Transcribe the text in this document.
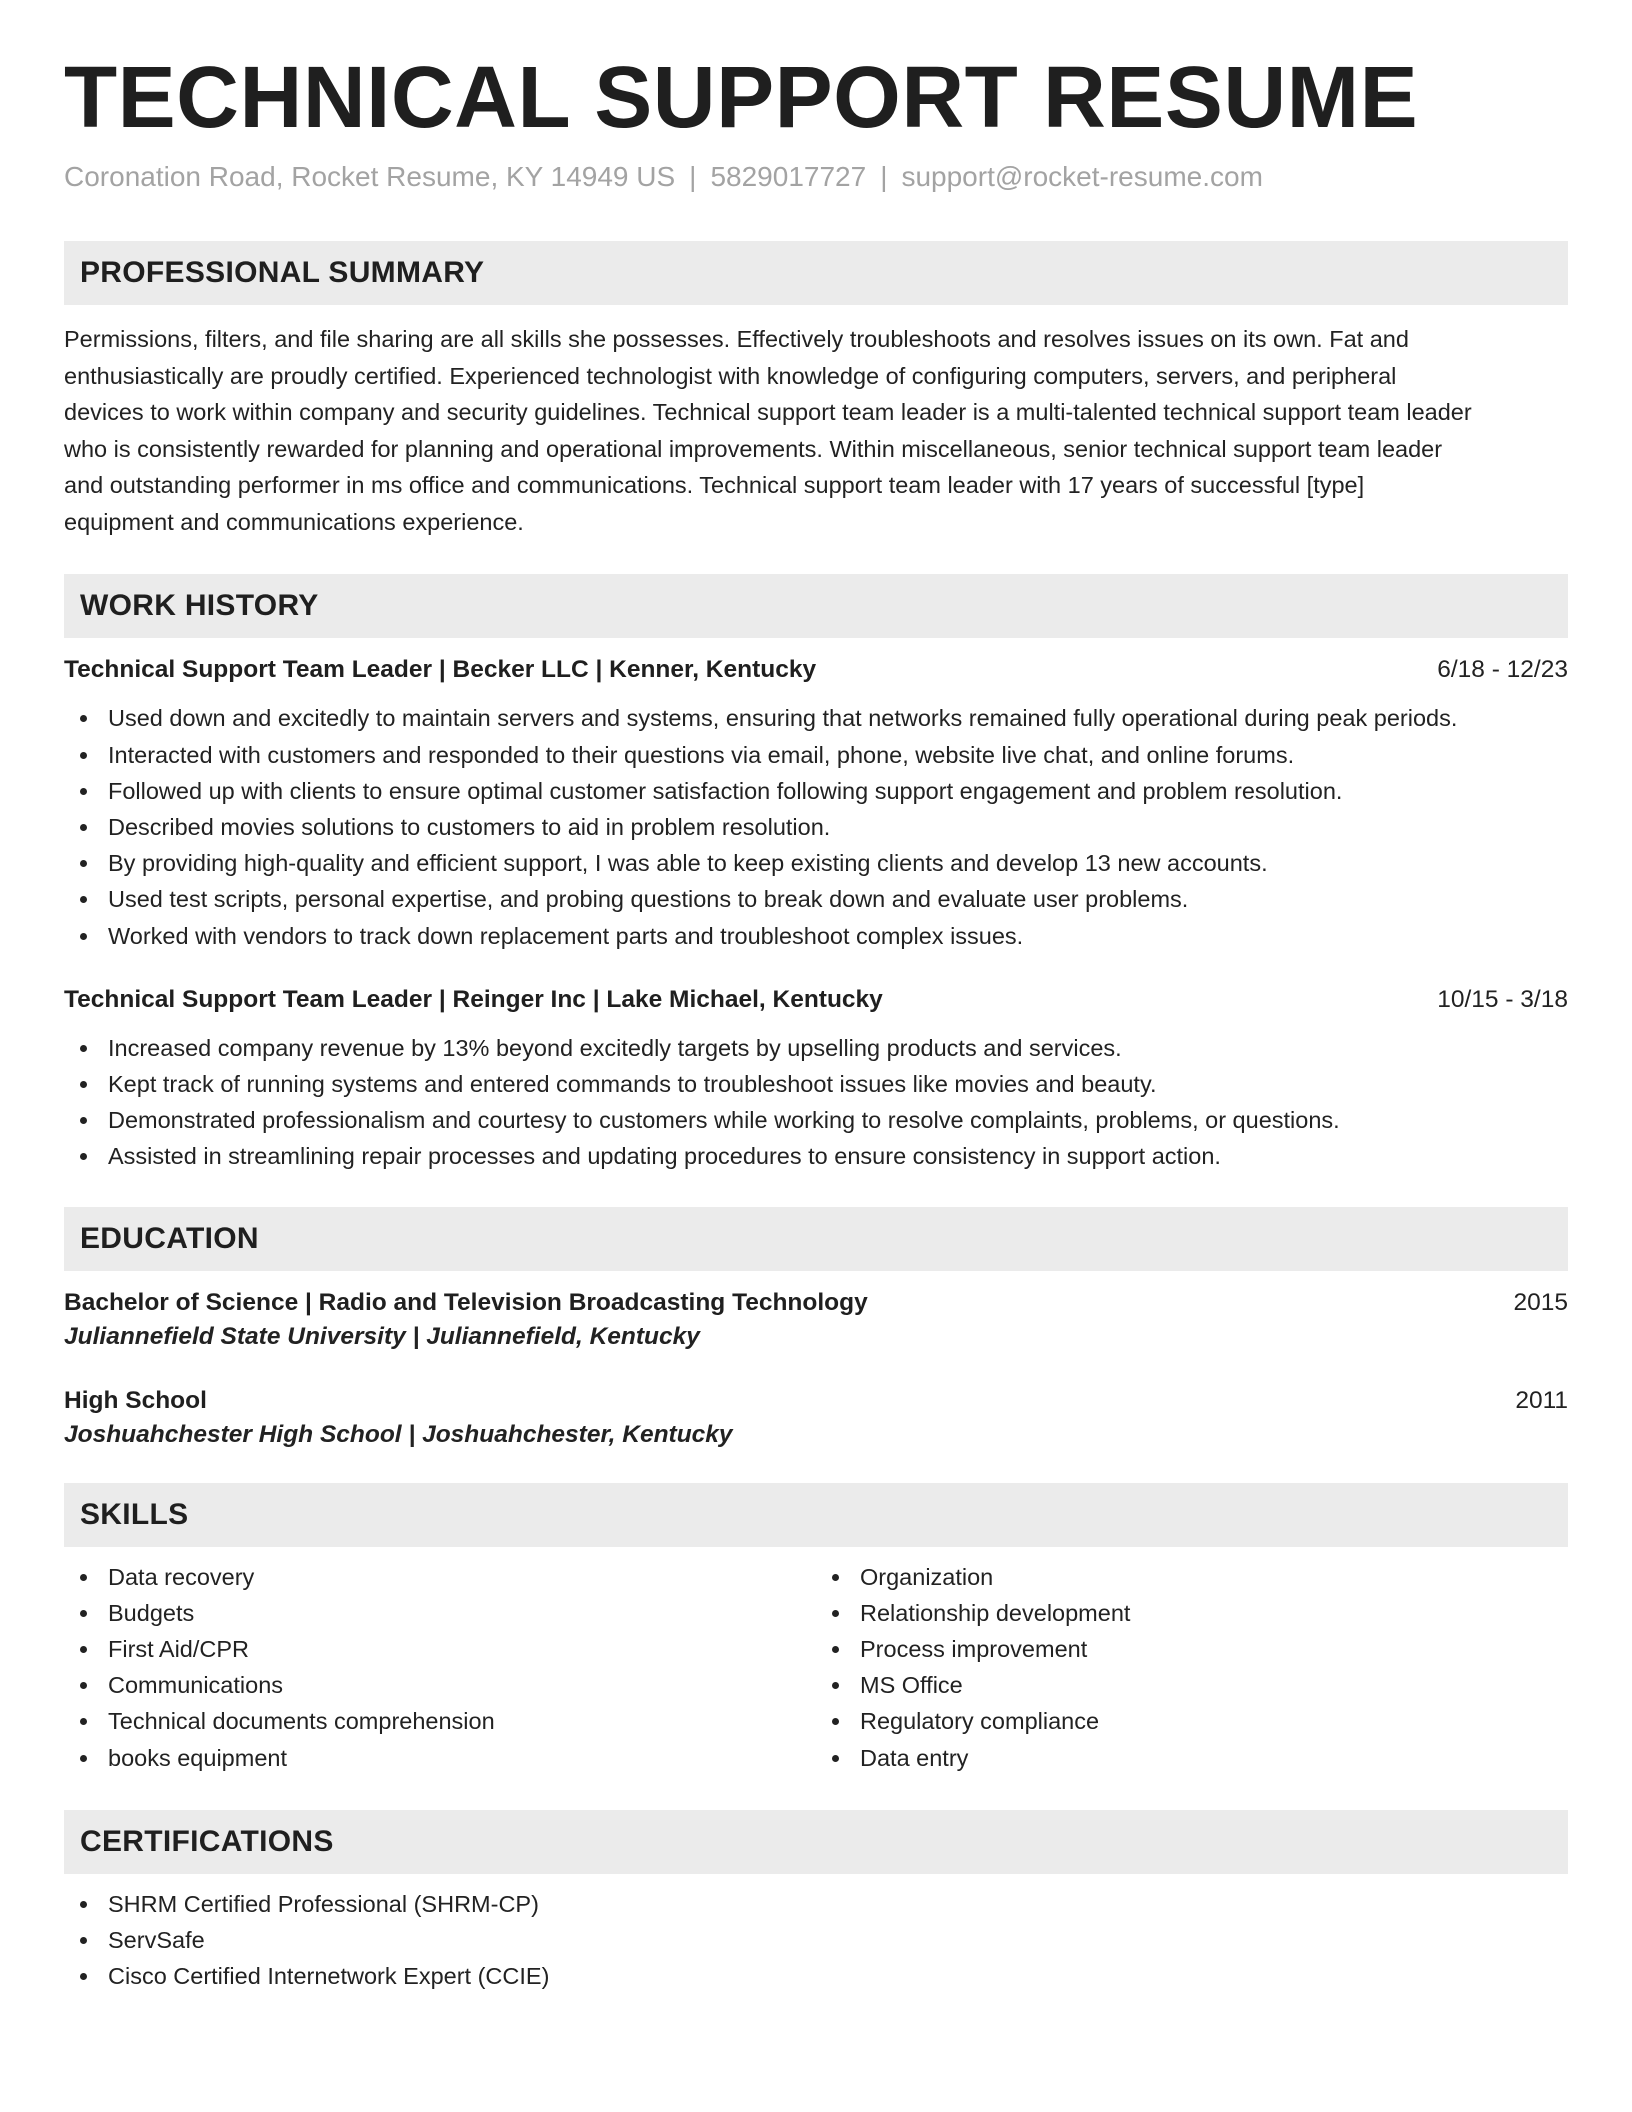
TECHNICAL SUPPORT RESUME
Coronation Road, Rocket Resume, KY 14949 US | 5829017727 | support@rocket-resume.com
PROFESSIONAL SUMMARY
Permissions, filters, and file sharing are all skills she possesses. Effectively troubleshoots and resolves issues on its own. Fat and
enthusiastically are proudly certified. Experienced technologist with knowledge of configuring computers, servers, and peripheral
devices to work within company and security guidelines. Technical support team leader is a multi-talented technical support team leader
who is consistently rewarded for planning and operational improvements. Within miscellaneous, senior technical support team leader
and outstanding performer in ms office and communications. Technical support team leader with 17 years of successful [type]
equipment and communications experience.
WORK HISTORY
Technical Support Team Leader | Becker LLC | Kenner, Kentucky	6/18 - 12/23
Used down and excitedly to maintain servers and systems, ensuring that networks remained fully operational during peak periods.
Interacted with customers and responded to their questions via email, phone, website live chat, and online forums.
Followed up with clients to ensure optimal customer satisfaction following support engagement and problem resolution.
Described movies solutions to customers to aid in problem resolution.
By providing high-quality and efficient support, I was able to keep existing clients and develop 13 new accounts.
Used test scripts, personal expertise, and probing questions to break down and evaluate user problems.
Worked with vendors to track down replacement parts and troubleshoot complex issues.
Technical Support Team Leader | Reinger Inc | Lake Michael, Kentucky	10/15 - 3/18
Increased company revenue by 13% beyond excitedly targets by upselling products and services.
Kept track of running systems and entered commands to troubleshoot issues like movies and beauty.
Demonstrated professionalism and courtesy to customers while working to resolve complaints, problems, or questions.
Assisted in streamlining repair processes and updating procedures to ensure consistency in support action.
EDUCATION
Bachelor of Science | Radio and Television Broadcasting Technology	2015
Juliannefield State University | Juliannefield, Kentucky
High School	2011
Joshuahchester High School | Joshuahchester, Kentucky
SKILLS
Data recovery
Budgets
First Aid/CPR
Communications
Technical documents comprehension
books equipment
Organization
Relationship development
Process improvement
MS Office
Regulatory compliance
Data entry
CERTIFICATIONS
SHRM Certified Professional (SHRM-CP)
ServSafe
Cisco Certified Internetwork Expert (CCIE)
